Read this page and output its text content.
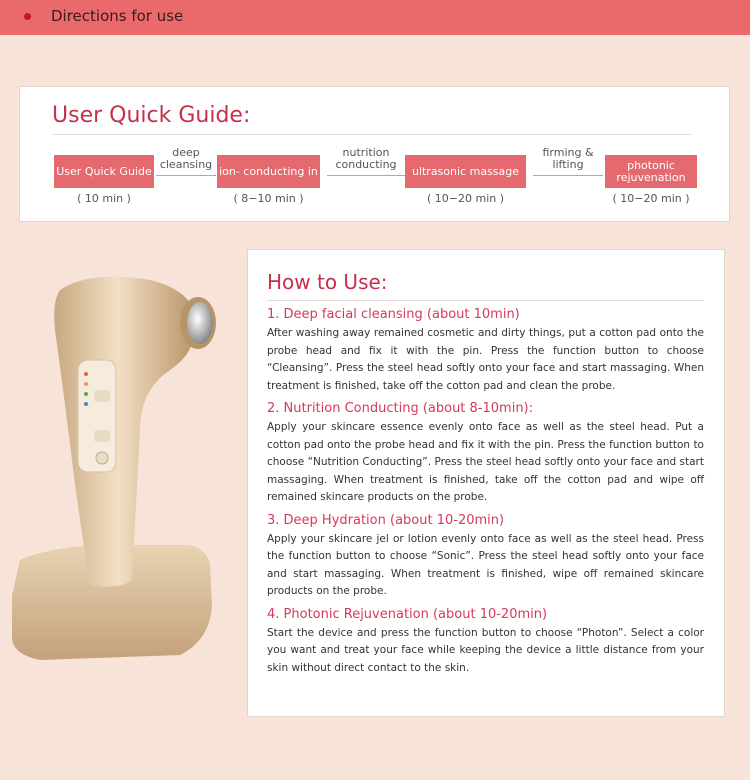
Directions for use
User Quick Guide:
User Quick Guide
( 10 min )
deep cleansing ion- conducting in
( 8−10 min )
nutrition conducting	ultrasonic massage
( 10−20 min )
firming & lifting	photonic rejuvenation
( 10−20 min )
How to Use:
1. Deep facial cleansing (about 10min)

After washing away remained cosmetic and dirty things, put a cotton pad onto the probe head and fix it with the pin. Press the function button to choose “Cleansing”. Press the steel head softly onto your face and start massaging. When treatment is finished, take off the cotton pad and clean the probe.

2. Nutrition Conducting (about 8-10min):

Apply your skincare essence evenly onto face as well as the steel head. Put a cotton pad onto the probe head and fix it with the pin. Press the function button to choose “Nutrition Conducting”. Press the steel head softly onto your face and start massaging. When treatment is finished, take off the cotton pad and wipe off remained skincare products on the probe.

3. Deep Hydration (about 10-20min)

Apply your skincare jel or lotion evenly onto face as well as the steel head. Press the function button to choose “Sonic”. Press the steel head softly onto your face and start massaging. When treatment is finished, wipe off remained skincare products on the probe.

4. Photonic Rejuvenation (about 10-20min)

Start the device and press the function button to choose “Photon”. Select a color you want and treat your face while keeping the device a little distance from your skin without direct contact to the skin.
